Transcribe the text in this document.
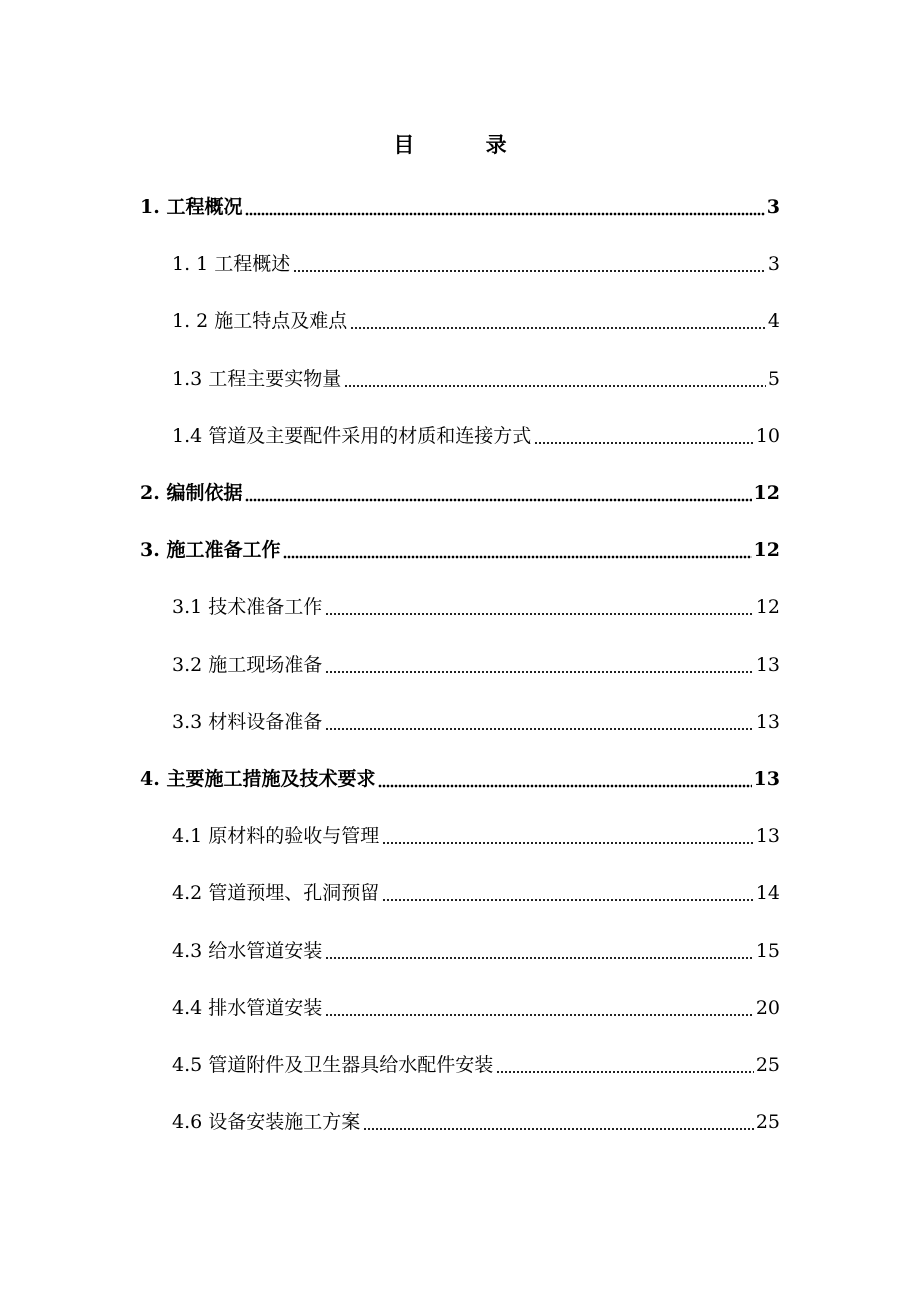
目 录
1. 工程概况	3
1. 1 工程概述	3
1. 2 施工特点及难点	4
1.3 工程主要实物量	5
1.4 管道及主要配件采用的材质和连接方式	10
2. 编制依据	12
3. 施工准备工作	12
3.1 技术准备工作	12
3.2 施工现场准备	13
3.3 材料设备准备	13
4. 主要施工措施及技术要求	13
4.1 原材料的验收与管理	13
4.2 管道预埋、孔洞预留	14
4.3 给水管道安装	15
4.4 排水管道安装	20
4.5 管道附件及卫生器具给水配件安装	25
4.6 设备安装施工方案	25
